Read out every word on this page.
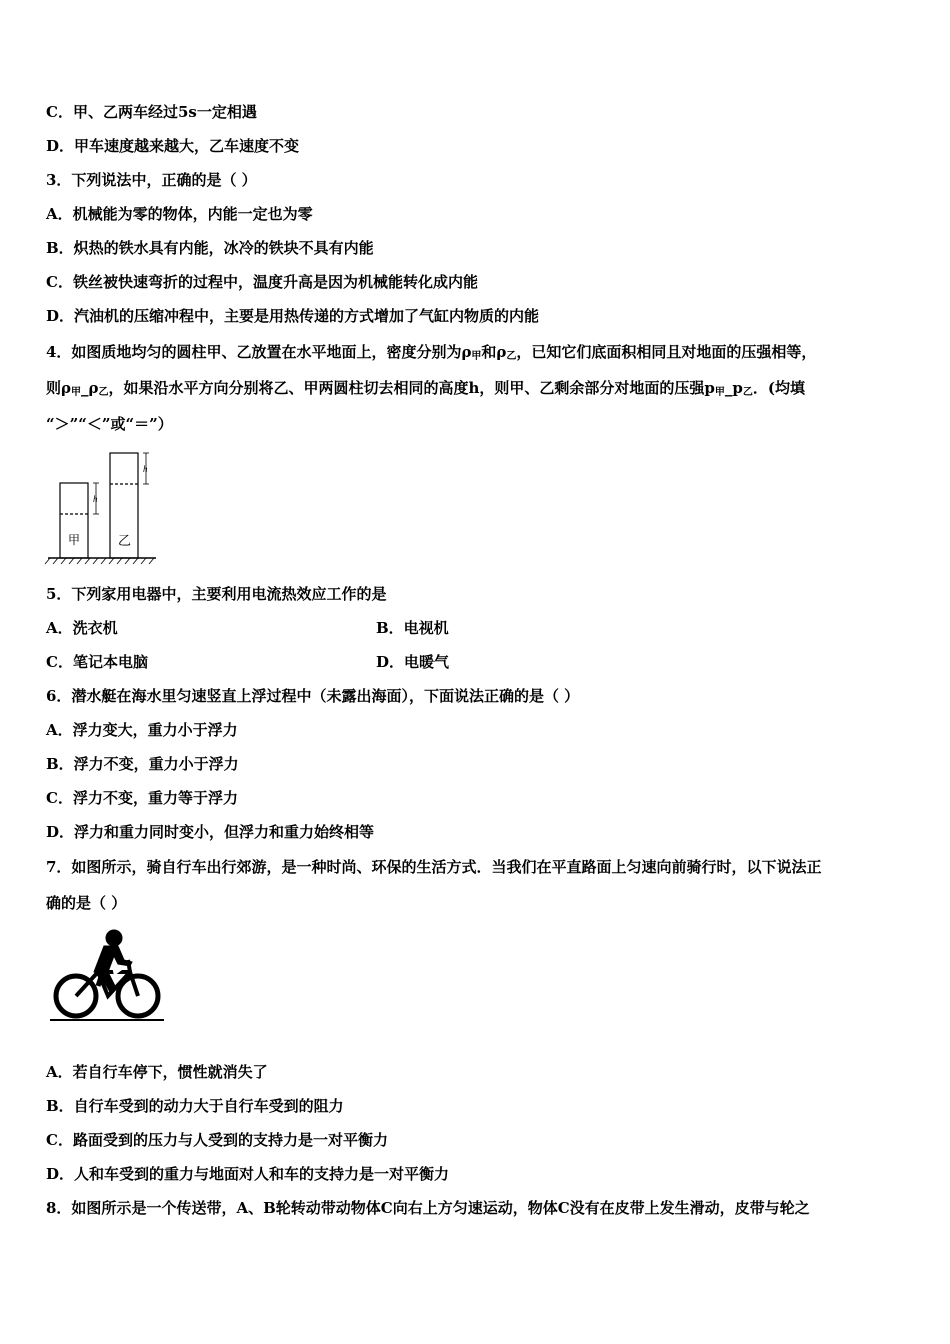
C．甲、乙两车经过5s一定相遇
D．甲车速度越来越大，乙车速度不变
3．下列说法中，正确的是（ ）
A．机械能为零的物体，内能一定也为零
B．炽热的铁水具有内能，冰冷的铁块不具有内能
C．铁丝被快速弯折的过程中，温度升高是因为机械能转化成内能
D．汽油机的压缩冲程中，主要是用热传递的方式增加了气缸内物质的内能
4．如图质地均匀的圆柱甲、乙放置在水平地面上，密度分别为$\rho_甲$和$\rho_乙$，已知它们底面积相同且对地面的压强相等，
则$\rho_甲\_\rho_乙$，如果沿水平方向分别将乙、甲两圆柱切去相同的高度h，则甲、乙剩余部分对地面的压强$p_甲\_p_乙$．(均填
“＞”“＜”或“＝”）
h
h
甲	乙
5．下列家用电器中，主要利用电流热效应工作的是
A．洗衣机	B．电视机
C．笔记本电脑	D．电暖气
6．潜水艇在海水里匀速竖直上浮过程中（未露出海面），下面说法正确的是（ ）
A．浮力变大，重力小于浮力
B．浮力不变，重力小于浮力
C．浮力不变，重力等于浮力
D．浮力和重力同时变小，但浮力和重力始终相等
7．如图所示，骑自行车出行郊游，是一种时尚、环保的生活方式．当我们在平直路面上匀速向前骑行时，以下说法正
确的是（ ）
A．若自行车停下，惯性就消失了
B．自行车受到的动力大于自行车受到的阻力
C．路面受到的压力与人受到的支持力是一对平衡力
D．人和车受到的重力与地面对人和车的支持力是一对平衡力
8．如图所示是一个传送带，A、B轮转动带动物体C向右上方匀速运动，物体C没有在皮带上发生滑动，皮带与轮之
